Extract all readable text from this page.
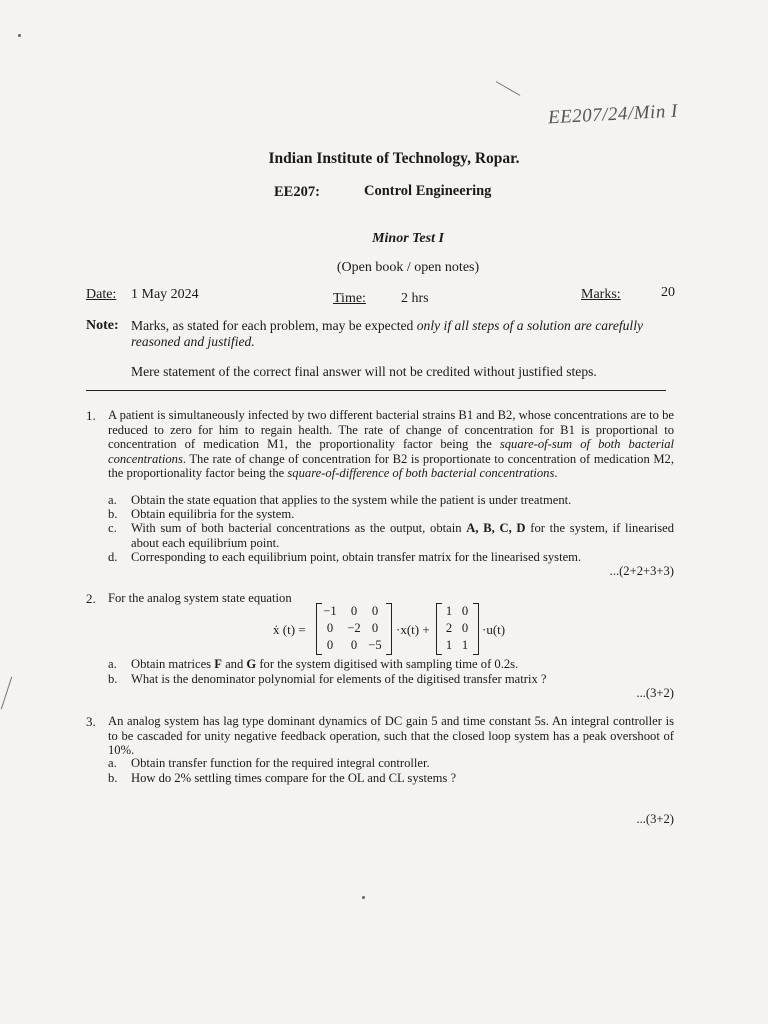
EE207/24/Min I
Indian Institute of Technology, Ropar.
EE207:	Control Engineering
Minor Test I
(Open book / open notes)
Date: 1 May 2024	Time:	2 hrs	Marks:	20
Note: Marks, as stated for each problem, may be expected only if all steps of a solution are carefully reasoned and justified.
Mere statement of the correct final answer will not be credited without justified steps.
1. A patient is simultaneously infected by two different bacterial strains B1 and B2, whose concentrations are to be reduced to zero for him to regain health. The rate of change of concentration for B1 is proportional to concentration of medication M1, the proportionality factor being the square-of-sum of both bacterial concentrations. The rate of change of concentration for B2 is proportionate to concentration of medication M2, the proportionality factor being the square-of-difference of both bacterial concentrations.
a. Obtain the state equation that applies to the system while the patient is under treatment.
b. Obtain equilibria for the system.
c. With sum of both bacterial concentrations as the output, obtain A, B, C, D for the system, if linearised about each equilibrium point.
d. Corresponding to each equilibrium point, obtain transfer matrix for the linearised system.
...(2+2+3+3)
2. For the analog system state equation
ẋ (t) =
−1	0	0
0	−2 0
0	0 −5
·x(t) +
1 0
2 0
1 1
·u(t)
a. Obtain matrices F and G for the system digitised with sampling time of 0.2s.
b. What is the denominator polynomial for elements of the digitised transfer matrix ?
...(3+2)
3. An analog system has lag type dominant dynamics of DC gain 5 and time constant 5s. An integral controller is to be cascaded for unity negative feedback operation, such that the closed loop system has a peak overshoot of 10%.
a. Obtain transfer function for the required integral controller.
b. How do 2% settling times compare for the OL and CL systems ?
...(3+2)
